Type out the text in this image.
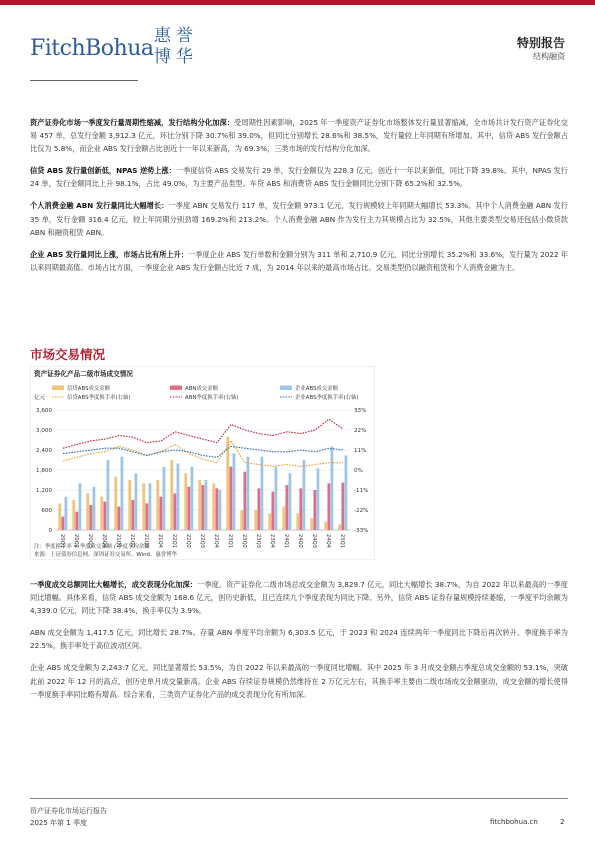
FitchBohua 惠 誉
博 华
特别报告
结构融资

资产证券化市场一季度发行量周期性缩减，发行结构分化加深：受周期性因素影响，2025 年一季度资产证券化市场整体发行量显著缩减，全市场共计发行资产证券化交易 457 单，总发行金额 3,912.3 亿元，环比分别下降 30.7%和 39.0%，但同比分别增长 28.6%和 38.5%，发行量较上年同期有所增加。其中，信贷 ABS 发行金额占比仅为 5.8%，而企业 ABS 发行金额占比创近十一年以来新高，为 69.3%，三类市场的发行结构分化加深。

信贷 ABS 发行量创新低，NPAS 逆势上涨：一季度信贷 ABS 交易发行 29 单，发行金额仅为 228.3 亿元，创近十一年以来新低，同比下降 39.8%。其中，NPAS 发行 24 单，发行金额同比上升 98.1%，占比 49.0%，为主要产品类型。车贷 ABS 和消费贷 ABS 发行金额同比分别下降 65.2%和 32.5%。

个人消费金融 ABN 发行量同比大幅增长：一季度 ABN 交易发行 117 单，发行金额 973.1 亿元，发行规模较上年同期大幅增长 53.3%。其中个人消费金融 ABN 发行 35 单，发行金额 316.4 亿元，较上年同期分别劲增 169.2%和 213.2%。个人消费金融 ABN 作为发行主力其规模占比为 32.5%，其他主要类型交易还包括小微贷款 ABN 和融资租赁 ABN。

企业 ABS 发行量同比上涨，市场占比有所上升：一季度企业 ABS 发行单数和金额分别为 311 单和 2,710.9 亿元，同比分别增长 35.2%和 33.6%，发行量为 2022 年以来同期最高值。市场占比方面，一季度企业 ABS 发行金额占比近 7 成，为 2014 年以来的最高市场占比。交易类型仍以融资租赁和个人消费金融为主。

市场交易情况
资产证券化产品二级市场成交情况
信贷ABS成交金额	ABN成交金额	企业ABS成交金额
信贷ABS季度换手率(右轴)	ABN季度换手率(右轴)	企业ABS季度换手率(右轴)
亿元
3,600
3,000
2,400
1,800
1,200
600
0
33%
22%
11%
0%
-11%
-22%
-33%
20Q1 20Q2 20Q3 20Q4 21Q1 21Q2 21Q3 21Q4 22Q1 22Q2 22Q3 22Q4 23Q1 23Q2 23Q3 23Q4 24Q1 24Q2 24Q3 24Q4 25Q1
注：季度换手率 = 季度成交金额 / 季度平均余额
来源：上证债券信息网、深圳证券交易所、Wind、惠誉博华

一季度成交总额同比大幅增长，成交表现分化加深：一季度，资产证券化二级市场总成交金额为 3,829.7 亿元，同比大幅增长 38.7%，为自 2022 年以来最高的一季度同比增幅。具体来看，信贷 ABS 成交金额为 168.6 亿元，创历史新低，且已连续九个季度表现为同比下降。另外，信贷 ABS 证券存量规模持续萎缩，一季度平均余额为 4,339.0 亿元，同比下降 38.4%，换手率仅为 3.9%。

ABN 成交金额为 1,417.5 亿元，同比增长 28.7%。存量 ABN 季度平均余额为 6,303.5 亿元，于 2023 和 2024 连续两年一季度同比下降后再次转升。季度换手率为 22.5%，换手率处于高位波动区间。

企业 ABS 成交金额为 2,243.7 亿元，同比显著增长 53.5%，为自 2022 年以来最高的一季度同比增幅。其中 2025 年 3 月成交金额占季度总成交金额的 53.1%，突破此前 2022 年 12 月的高点，创历史单月成交量新高。企业 ABS 存续证券规模仍然维持在 2 万亿元左右，其换手率主要由二级市场成交金额驱动，成交金额的增长使得一季度换手率同比略有增高。综合来看，三类资产证券化产品的成交表现分化有所加深。

资产证券化市场运行报告
2025 年第 1 季度	fitchbohua.cn	2
